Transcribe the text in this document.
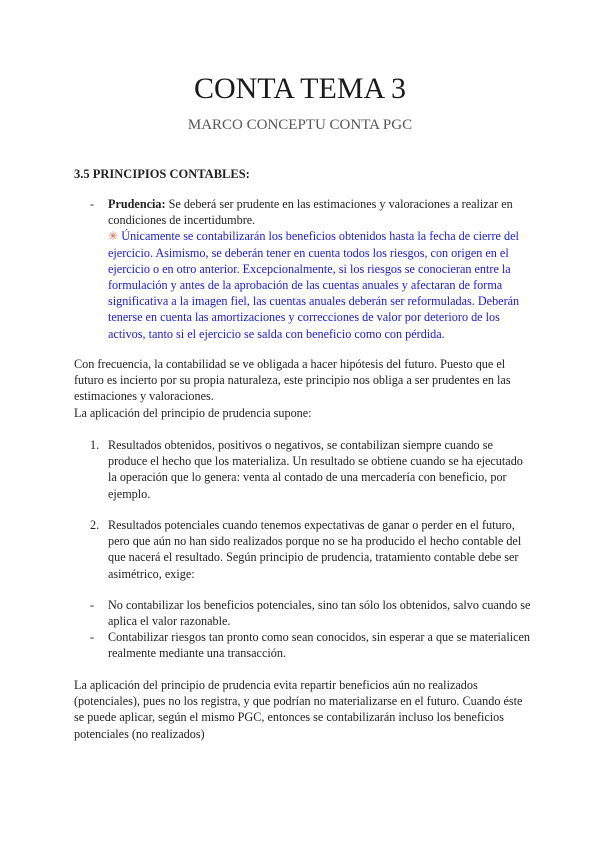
CONTA TEMA 3
MARCO CONCEPTU CONTA PGC
3.5 PRINCIPIOS CONTABLES:
- Prudencia: Se deberá ser prudente en las estimaciones y valoraciones a realizar en condiciones de incertidumbre.
✳ Únicamente se contabilizarán los beneficios obtenidos hasta la fecha de cierre del ejercicio. Asimismo, se deberán tener en cuenta todos los riesgos, con origen en el ejercicio o en otro anterior. Excepcionalmente, si los riesgos se conocieran entre la formulación y antes de la aprobación de las cuentas anuales y afectaran de forma significativa a la imagen fiel, las cuentas anuales deberán ser reformuladas. Deberán tenerse en cuenta las amortizaciones y correcciones de valor por deterioro de los activos, tanto si el ejercicio se salda con beneficio como con pérdida.
Con frecuencia, la contabilidad se ve obligada a hacer hipótesis del futuro. Puesto que el futuro es incierto por su propia naturaleza, este principio nos obliga a ser prudentes en las estimaciones y valoraciones.
La aplicación del principio de prudencia supone:
1. Resultados obtenidos, positivos o negativos, se contabilizan siempre cuando se produce el hecho que los materializa. Un resultado se obtiene cuando se ha ejecutado la operación que lo genera: venta al contado de una mercadería con beneficio, por ejemplo.
2. Resultados potenciales cuando tenemos expectativas de ganar o perder en el futuro, pero que aún no han sido realizados porque no se ha producido el hecho contable del que nacerá el resultado. Según principio de prudencia, tratamiento contable debe ser asimétrico, exige:
- No contabilizar los beneficios potenciales, sino tan sólo los obtenidos, salvo cuando se aplica el valor razonable.
- Contabilizar riesgos tan pronto como sean conocidos, sin esperar a que se materialicen realmente mediante una transacción.
La aplicación del principio de prudencia evita repartir beneficios aún no realizados (potenciales), pues no los registra, y que podrían no materializarse en el futuro. Cuando éste se puede aplicar, según el mismo PGC, entonces se contabilizarán incluso los beneficios potenciales (no realizados)
